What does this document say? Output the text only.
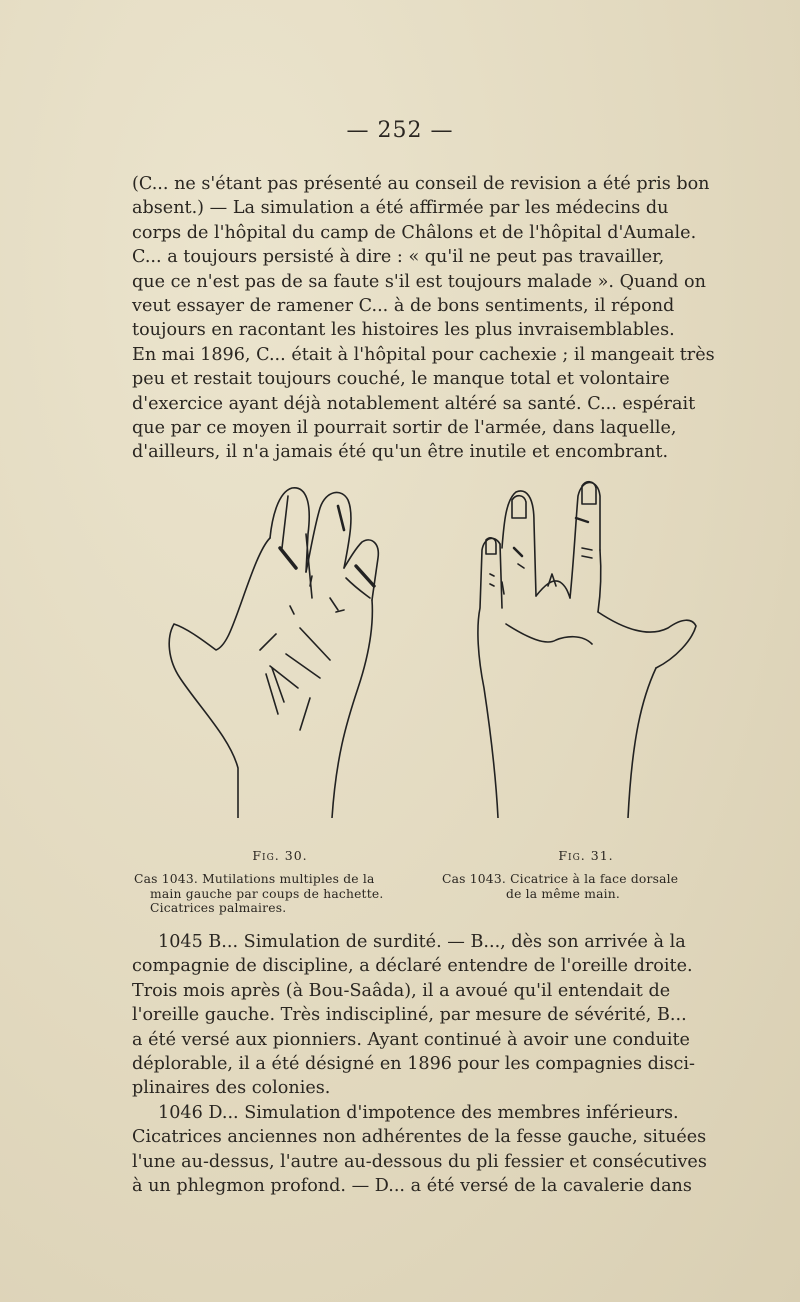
— 252 —

(C... ne s'étant pas présenté au conseil de revision a été pris bon

absent.) — La simulation a été affirmée par les médecins du

corps de l'hôpital du camp de Châlons et de l'hôpital d'Aumale.

C... a toujours persisté à dire : « qu'il ne peut pas travailler,

que ce n'est pas de sa faute s'il est toujours malade ». Quand on

veut essayer de ramener C... à de bons sentiments, il répond

toujours en racontant les histoires les plus invraisemblables.

En mai 1896, C... était à l'hôpital pour cachexie ; il mangeait très

peu et restait toujours couché, le manque total et volontaire

d'exercice ayant déjà notablement altéré sa santé. C... espérait

que par ce moyen il pourrait sortir de l'armée, dans laquelle,

d'ailleurs, il n'a jamais été qu'un être inutile et encombrant.

Fig. 30.	Fig. 31.
Cas 1043. Mutilations multiples de la
main gauche par coups de hachette.
Cicatrices palmaires.
Cas 1043. Cicatrice à la face dorsale
de la même main.

1045 B... Simulation de surdité. — B..., dès son arrivée à la

compagnie de discipline, a déclaré entendre de l'oreille droite.

Trois mois après (à Bou-Saâda), il a avoué qu'il entendait de

l'oreille gauche. Très indiscipliné, par mesure de sévérité, B...

a été versé aux pionniers. Ayant continué à avoir une conduite

déplorable, il a été désigné en 1896 pour les compagnies disci-

plinaires des colonies.

1046 D... Simulation d'impotence des membres inférieurs.

Cicatrices anciennes non adhérentes de la fesse gauche, situées

l'une au-dessus, l'autre au-dessous du pli fessier et consécutives

à un phlegmon profond. — D... a été versé de la cavalerie dans
